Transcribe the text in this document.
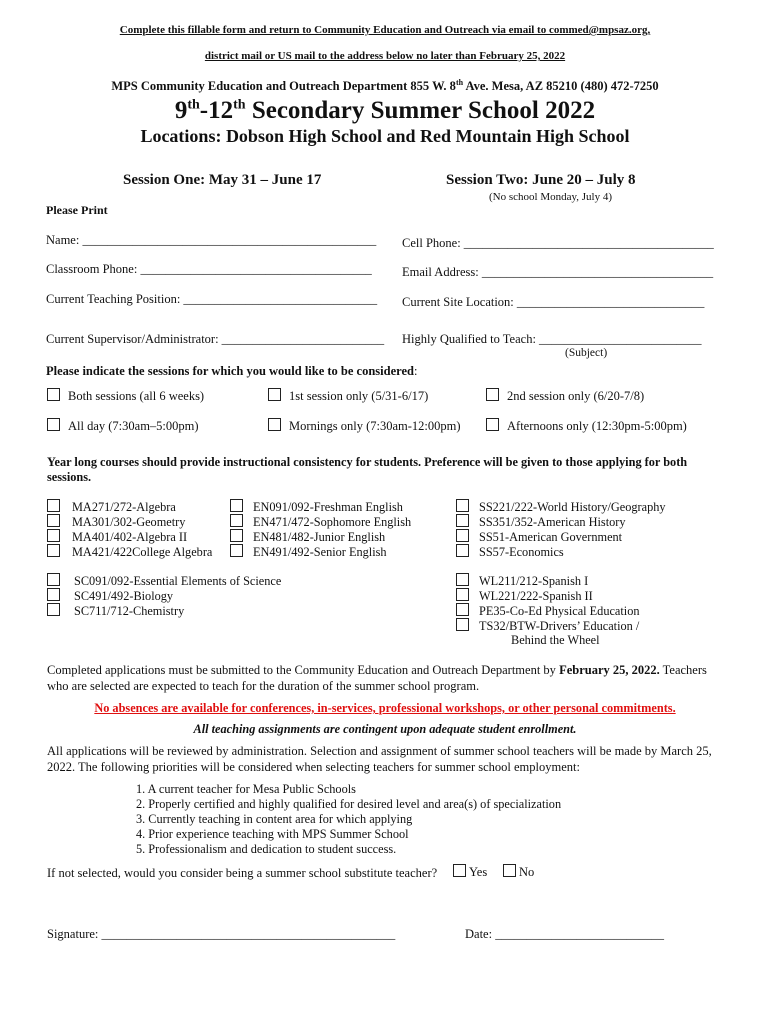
Complete this fillable form and return to Community Education and Outreach via email to commed@mpsaz.org,
district mail or US mail to the address below no later than February 25, 2022
MPS Community Education and Outreach Department 855 W. 8th Ave. Mesa, AZ 85210 (480) 472-7250
9th-12th Secondary Summer School 2022
Locations: Dobson High School and Red Mountain High School
Session One: May 31 – June 17	Session Two: June 20 – July 8
(No school Monday, July 4)
Please Print
Name: _______________________________________________ Cell Phone: ________________________________________
Classroom Phone: _____________________________________ Email Address: _____________________________________
Current Teaching Position: _______________________________ Current Site Location: ______________________________
Current Supervisor/Administrator: __________________________ Highly Qualified to Teach: __________________________
(Subject)
Please indicate the sessions for which you would like to be considered:
Both sessions (all 6 weeks)	1st session only (5/31-6/17)	2nd session only (6/20-7/8)
All day (7:30am–5:00pm)	Mornings only (7:30am-12:00pm)	Afternoons only (12:30pm-5:00pm)
Year long courses should provide instructional consistency for students. Preference will be given to those applying for both
sessions.
MA271/272-Algebra
MA301/302-Geometry
MA401/402-Algebra II
MA421/422College Algebra
EN091/092-Freshman English
EN471/472-Sophomore English
EN481/482-Junior English
EN491/492-Senior English
SS221/222-World History/Geography
SS351/352-American History
SS51-American Government
SS57-Economics
SC091/092-Essential Elements of Science
SC491/492-Biology
SC711/712-Chemistry
WL211/212-Spanish I
WL221/222-Spanish II
PE35-Co-Ed Physical Education
TS32/BTW-Drivers’ Education /
Behind the Wheel
Completed applications must be submitted to the Community Education and Outreach Department by February 25, 2022. Teachers who are selected are expected to teach for the duration of the summer school program.
No absences are available for conferences, in-services, professional workshops, or other personal commitments.
All teaching assignments are contingent upon adequate student enrollment.
All applications will be reviewed by administration. Selection and assignment of summer school teachers will be made by March 25, 2022. The following priorities will be considered when selecting teachers for summer school employment:
1. A current teacher for Mesa Public Schools
2. Properly certified and highly qualified for desired level and area(s) of specialization
3. Currently teaching in content area for which applying
4. Prior experience teaching with MPS Summer School
5. Professionalism and dedication to student success.
If not selected, would you consider being a summer school substitute teacher?	Yes	No
Signature: _______________________________________________	Date: ___________________________
